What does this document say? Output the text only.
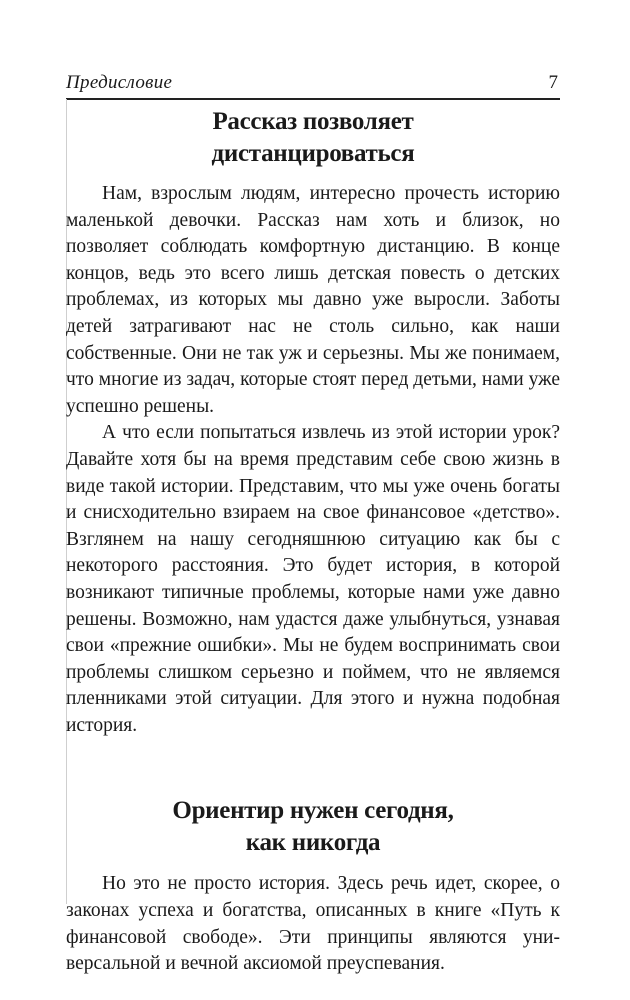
Предисловие	7
Рассказ позволяет
дистанцироваться

Нам, взрослым людям, интересно прочесть историю маленькой девочки. Рассказ нам хоть и близок, но позволяет соблюдать комфортную дистанцию. В конце концов, ведь это всего лишь детская повесть о детских проблемах, из которых мы давно уже выросли. Заботы детей затрагивают нас не столь сильно, как наши собственные. Они не так уж и серьезны. Мы же понимаем, что многие из задач, которые стоят перед детьми, нами уже успешно решены.

А что если попытаться извлечь из этой истории урок? Давайте хотя бы на время представим себе свою жизнь в виде такой истории. Представим, что мы уже очень богаты и снисходительно взираем на свое финансовое «детство». Взглянем на нашу сегодняшнюю ситуацию как бы с некоторого расстояния. Это будет история, в которой возникают типичные проблемы, которые нами уже давно решены. Возможно, нам удастся даже улыбнуться, узнавая свои «прежние ошибки». Мы не будем воспринимать свои проблемы слишком серьезно и поймем, что не являемся пленниками этой ситуации. Для этого и нужна подобная история.

Ориентир нужен сегодня,
как никогда

Но это не просто история. Здесь речь идет, скорее, о законах успеха и богатства, описанных в книге «Путь к финансовой свободе». Эти принципы являются универсальной и вечной аксиомой преуспевания.
